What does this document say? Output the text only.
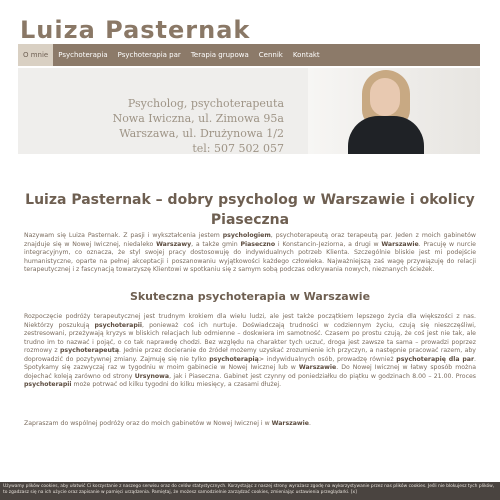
Luiza Pasternak
O mnie	Psychoterapia	Psychoterapia par	Terapia grupowa	Cennik	Kontakt
Psycholog, psychoterapeuta
Nowa Iwiczna, ul. Zimowa 95a
Warszawa, ul. Drużynowa 1/2
tel: 507 502 057
Luiza Pasternak – dobry psycholog w Warszawie i okolicy Piaseczna

Nazywam się Luiza Pasternak. Z pasji i wykształcenia jestem psychologiem, psychoterapeutą oraz terapeutą par. Jeden z moich gabinetów znajduje się w Nowej Iwicznej, niedaleko Warszawy, a także gmin Piaseczno i Konstancin-Jeziorna, a drugi w Warszawie. Pracuję w nurcie integracyjnym, co oznacza, że styl swojej pracy dostosowuję do indywidualnych potrzeb Klienta. Szczególnie bliskie jest mi podejście humanistyczne, oparte na pełnej akceptacji i poszanowaniu wyjątkowości każdego człowieka. Najważniejszą zaś wagę przywiązuję do relacji terapeutycznej i z fascynacją towarzyszę Klientowi w spotkaniu się z samym sobą podczas odkrywania nowych, nieznanych ścieżek.

Skuteczna psychoterapia w Warszawie

Rozpoczęcie podróży terapeutycznej jest trudnym krokiem dla wielu ludzi, ale jest także początkiem lepszego życia dla większości z nas. Niektórzy poszukują psychoterapii, ponieważ coś ich nurtuje. Doświadczają trudności w codziennym życiu, czują się nieszczęśliwi, zestresowani, przeżywają kryzys w bliskich relacjach lub odmienne – doskwiera im samotność. Czasem po prostu czują, że coś jest nie tak, ale trudno im to nazwać i pojąć, o co tak naprawdę chodzi. Bez względu na charakter tych uczuć, droga jest zawsze ta sama – prowadzi poprzez rozmowy z psychoterapeutą. Jednie przez docieranie do źródeł możemy uzyskać zrozumienie ich przyczyn, a następnie pracować razem, aby doprowadzić do pozytywnej zmiany. Zajmuję się nie tylko psychoterapią> indywidualnych osób, prowadzę również psychoterapię dla par. Spotykamy się zazwyczaj raz w tygodniu w moim gabinecie w Nowej Iwicznej lub w Warszawie. Do Nowej Iwicznej w łatwy sposób można dojechać koleją zarówno od strony Ursynowa, jak i Piaseczna. Gabinet jest czynny od poniedziałku do piątku w godzinach 8.00 – 21.00. Proces psychoterapii może potrwać od kilku tygodni do kilku miesięcy, a czasami dłużej.

Zapraszam do wspólnej podróży oraz do moich gabinetów w Nowej Iwicznej i w Warszawie.

Używamy plików cookies, aby ułatwić Ci korzystanie z naszego serwisu oraz do celów statystycznych. Korzystając z naszej strony wyrażasz zgodę na wykorzystywanie przez nas plików cookies. Jeśli nie blokujesz tych plików, to zgadzasz się na ich użycie oraz zapisanie w pamięci urządzenia. Pamiętaj, że możesz samodzielnie zarządzać cookies, zmieniając ustawienia przeglądarki. [x]
